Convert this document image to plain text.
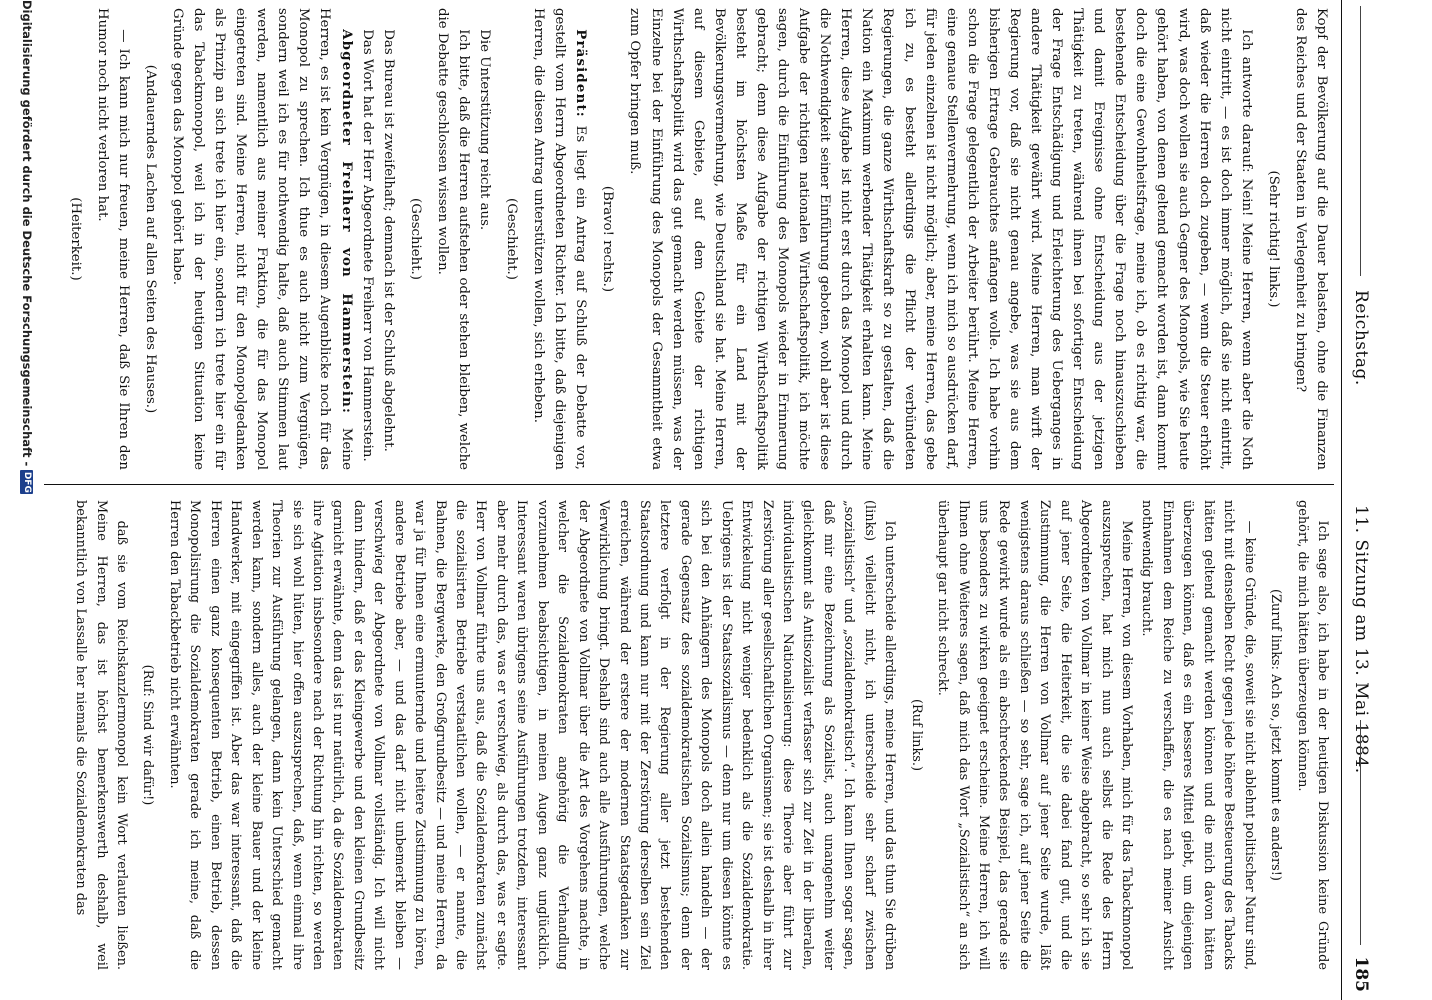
Reichstag.
11. Sitzung am 13. Mai 1884.
185

Kopf der Bevölkerung auf die Dauer belasten, ohne die Finanzen des Reiches und der Staaten in Verlegenheit zu bringen?

(Sehr richtig! links.)

Ich antworte darauf: Nein! Meine Herren, wenn aber die Noth nicht eintritt, — es ist doch immer möglich, daß sie nicht eintritt, daß wieder die Herren doch zugeben, — wenn die Steuer erhöht wird, was doch wollen sie auch Gegner des Monopols, wie Sie heute gehört haben, von denen geltend gemacht worden ist, dann kommt doch die eine Gewohnheitsfrage, meine ich, ob es richtig war, die bestehende Entscheidung über die Frage noch hinauszuschieben und damit Ereignisse ohne Entscheidung aus der jetzigen Thätigkeit zu treten, während ihnen bei sofortiger Entscheidung der Frage Entschädigung und Erleichterung des Ueberganges in andere Thätigkeit gewährt wird. Meine Herren, man wirft der Regierung vor, daß sie nicht genau angebe, was sie aus dem bisherigen Ertrage Gebrauchtes anfangen wolle. Ich habe vorhin schon die Frage gelegentlich der Arbeiter berührt. Meine Herren, eine genaue Stellenvermehrung, wenn ich mich so ausdrücken darf, für jeden einzelnen ist nicht möglich; aber, meine Herren, das gebe ich zu, es besteht allerdings die Pflicht der verbündeten Regierungen, die ganze Wirthschaftskraft so zu gestalten, daß die Nation ein Maximum werbender Thätigkeit erhalten kann. Meine Herren, diese Aufgabe ist nicht erst durch das Monopol und durch die Nothwendigkeit seiner Einführung geboten, wohl aber ist diese Aufgabe der richtigen nationalen Wirthschaftspolitik, ich möchte sagen, durch die Einführung des Monopols wieder in Erinnerung gebracht; denn diese Aufgabe der richtigen Wirthschaftspolitik besteht im höchsten Maße für ein Land mit der Bevölkerungsvermehrung, wie Deutschland sie hat. Meine Herren, auf diesem Gebiete, auf dem Gebiete der richtigen Wirthschaftspolitik wird das gut gemacht werden müssen, was der Einzelne bei der Einführung des Monopols der Gesammtheit etwa zum Opfer bringen muß.

(Bravo! rechts.)

Präsident: Es liegt ein Antrag auf Schluß der Debatte vor, gestellt vom Herrn Abgeordneten Richter. Ich bitte, daß diejenigen Herren, die diesen Antrag unterstützen wollen, sich erheben.

(Geschieht.)

Die Unterstützung reicht aus.

Ich bitte, daß die Herren aufstehen oder stehen bleiben, welche die Debatte geschlossen wissen wollen.

(Geschieht.)

Das Bureau ist zweifelhaft; demnach ist der Schluß abgelehnt.

Das Wort hat der Herr Abgeordnete Freiherr von Hammerstein.

Abgeordneter Freiherr von Hammerstein: Meine Herren, es ist kein Vergnügen, in diesem Augenblicke noch für das Monopol zu sprechen. Ich thue es auch nicht zum Vergnügen, sondern weil ich es für nothwendig halte, daß auch Stimmen laut werden, namentlich aus meiner Fraktion, die für das Monopol eingetreten sind. Meine Herren, nicht für den Monopolgedanken als Prinzip an sich trete ich hier ein, sondern ich trete hier ein für das Tabackmonopol, weil ich in der heutigen Situation keine Gründe gegen das Monopol gehört habe.

(Andauerndes Lachen auf allen Seiten des Hauses.)

— Ich kann mich nur freuen, meine Herren, daß Sie Ihren den Humor noch nicht verloren hat.

(Heiterkeit.)

Ich sage also, ich habe in der heutigen Diskussion keine Gründe gehört, die mich hätten überzeugen können.

(Zuruf links: Ach so, jetzt kommt es anders!)

— keine Gründe, die, soweit sie nicht ablehnt politischer Natur sind, nicht mit denselben Recht gegen jede höhere Besteuerung des Tabacks hätten geltend gemacht werden können und die mich davon hätten überzeugen können, daß es ein besseres Mittel giebt, um diejenigen Einnahmen dem Reiche zu verschaffen, die es nach meiner Ansicht nothwendig braucht.

Meine Herren, von diesem Vorhaben, mich für das Tabackmonopol auszusprechen, hat mich nun auch selbst die Rede des Herrn Abgeordneten von Vollmar in keiner Weise abgebracht, so sehr ich sie auf jener Seite, die Heiterkeit, die sie dabei fand gut, und die Zustimmung, die Herren von Vollmar auf jener Seite wurde, läßt wenigstens daraus schließen — so sehr, sage ich, auf jener Seite die Rede gewirkt wurde als ein abschreckendes Beispiel, das gerade sie uns besonders zu wirken geeignet erscheine. Meine Herren, ich will Ihnen ohne Weiteres sagen, daß mich das Wort „Sozialistisch“ an sich überhaupt gar nicht schreckt.

(Ruf links.)

Ich unterscheide allerdings, meine Herren, und das thun Sie drüben (links) vielleicht nicht, ich unterscheide sehr scharf zwischen „sozialistisch“ und „sozialdemokratisch“. Ich kann Ihnen sogar sagen, daß mir eine Bezeichnung als Sozialist, auch unangenehm weiter gleichkommt als Antisozialist verfasser sich zur Zeit in der liberalen, individualistischen Nationalisierung: diese Theorie aber führt zur Zerstörung aller gesellschaftlichen Organismen; sie ist deshalb in ihrer Entwickelung nicht weniger bedenklich als die Sozialdemokratie. Uebrigens ist der Staatssozialismus — denn nur um diesen könnte es sich bei den Anhängern des Monopols doch allein handeln — der gerade Gegensatz des sozialdemokratischen Sozialismus; denn der letztere verfolgt in der Regierung aller jetzt bestehenden Staatsordnung und kann nur mit der Zerstörung derselben sein Ziel erreichen, während der erstere der modernen Staatsgedanken zur Verwirklichung bringt. Deshalb sind auch alle Ausführungen, welche der Abgeordnete von Vollmar über die Art des Vorgehens machte, in welcher die Sozialdemokraten angehörig die Verhandlung vorzunehmen beabsichtigen, in meinen Augen ganz unglücklich. Interessant waren übrigens seine Ausführungen trotzdem, interessant aber mehr durch das, was er verschwieg, als durch das, was er sagte. Herr von Vollmar führte uns aus, daß die Sozialdemokraten zunächst die sozialisirten Betriebe verstaatlichen wollen, — er nannte, die Bahnen, die Bergwerke, den Großgrundbesitz — und meine Herren, da war ja für Ihnen eine ermunternde und heitere Zustimmung zu hören, andere Betriebe aber, — und das darf nicht unbemerkt bleiben — verschwieg der Abgeordnete von Vollmar vollständig. Ich will nicht dann hindern, daß er das Kleingewerbe und den kleinen Grundbesitz garnicht erwähnte, denn das ist nur natürlich, da die Sozialdemokraten ihre Agitation insbesondere nach der Richtung hin richten, so werden sie sich wohl hüten, hier offen auszusprechen, daß, wenn einmal ihre Theorien zur Ausführung gelangen, dann kein Unterschied gemacht werden kann, sondern alles, auch der kleine Bauer und der kleine Handwerker, mit eingegriffen ist. Aber das war interessant, daß die Herren einen ganz konsequenten Betrieb, einen Betrieb, dessen Monopolisirung die Sozialdemokraten gerade ich meine, daß die Herren den Tabackbetrieb nicht erwähnten.

(Ruf: Sind wir dafür!)

daß sie vom Reichskanzlermonopol kein Wort verlauten ließen. Meine Herren, das ist höchst bemerkenswerth deshalb, weil bekanntlich von Lassalle her niemals die Sozialdemokraten das

Digitalisierung gefördert durch die Deutsche Forschungsgemeinschaft -
DFG
